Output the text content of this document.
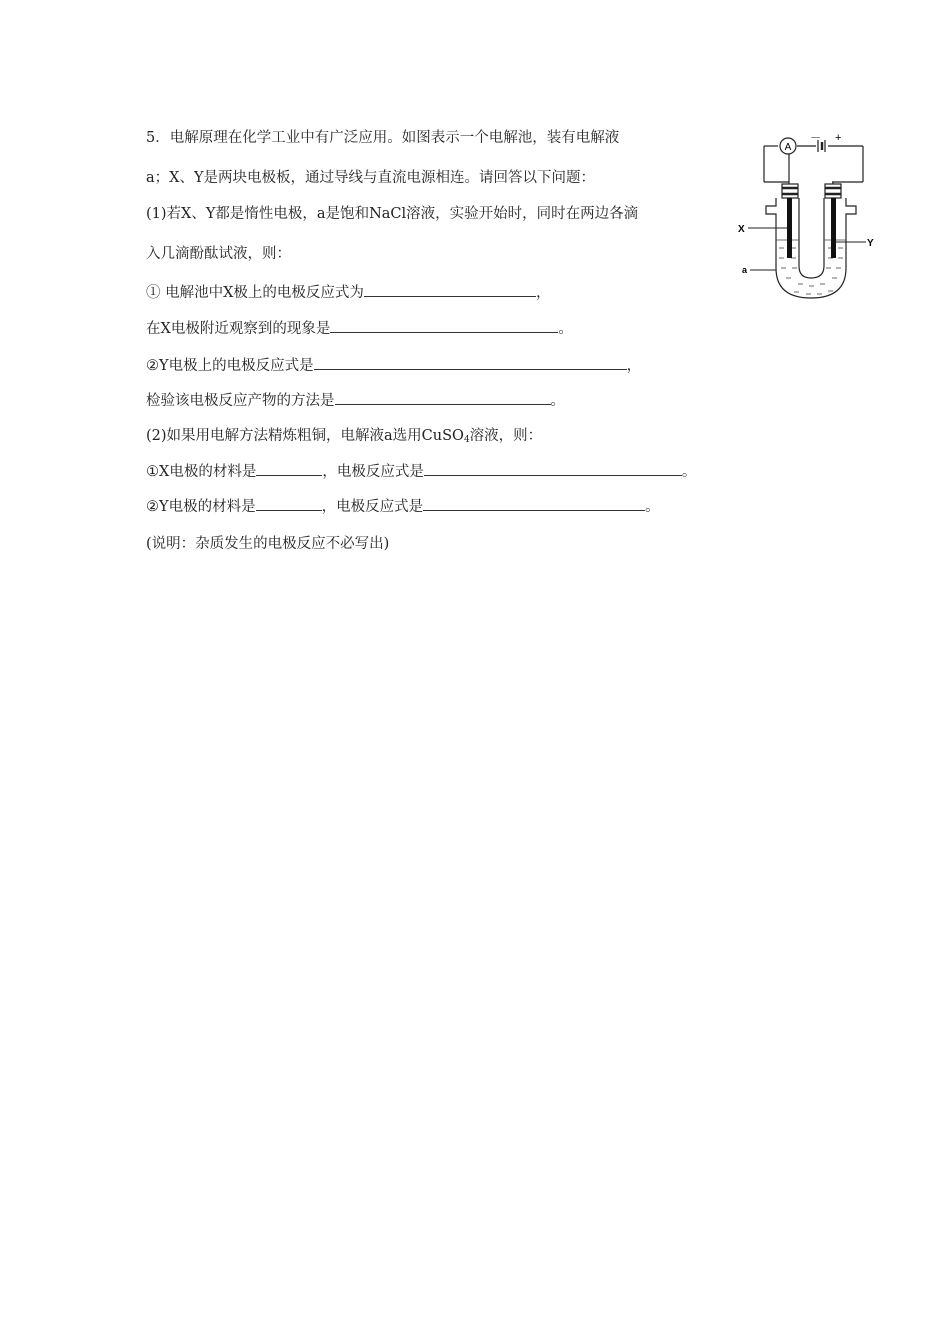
5．电解原理在化学工业中有广泛应用。如图表示一个电解池，装有电解液
a；X、Y是两块电极板，通过导线与直流电源相连。请回答以下问题：
(1)若X、Y都是惰性电极，a是饱和NaCl溶液，实验开始时，同时在两边各滴
入几滴酚酞试液，则：
① 电解池中X极上的电极反应式为	，
在X电极附近观察到的现象是	。
②Y电极上的电极反应式是	，
检验该电极反应产物的方法是	。
(2)如果用电解方法精炼粗铜，电解液a选用CuSO$_4$溶液，则：
①X电极的材料是	，电极反应式是	。
②Y电极的材料是	，电极反应式是	。
(说明：杂质发生的电极反应不必写出)
A
－ +
X
Y
a
